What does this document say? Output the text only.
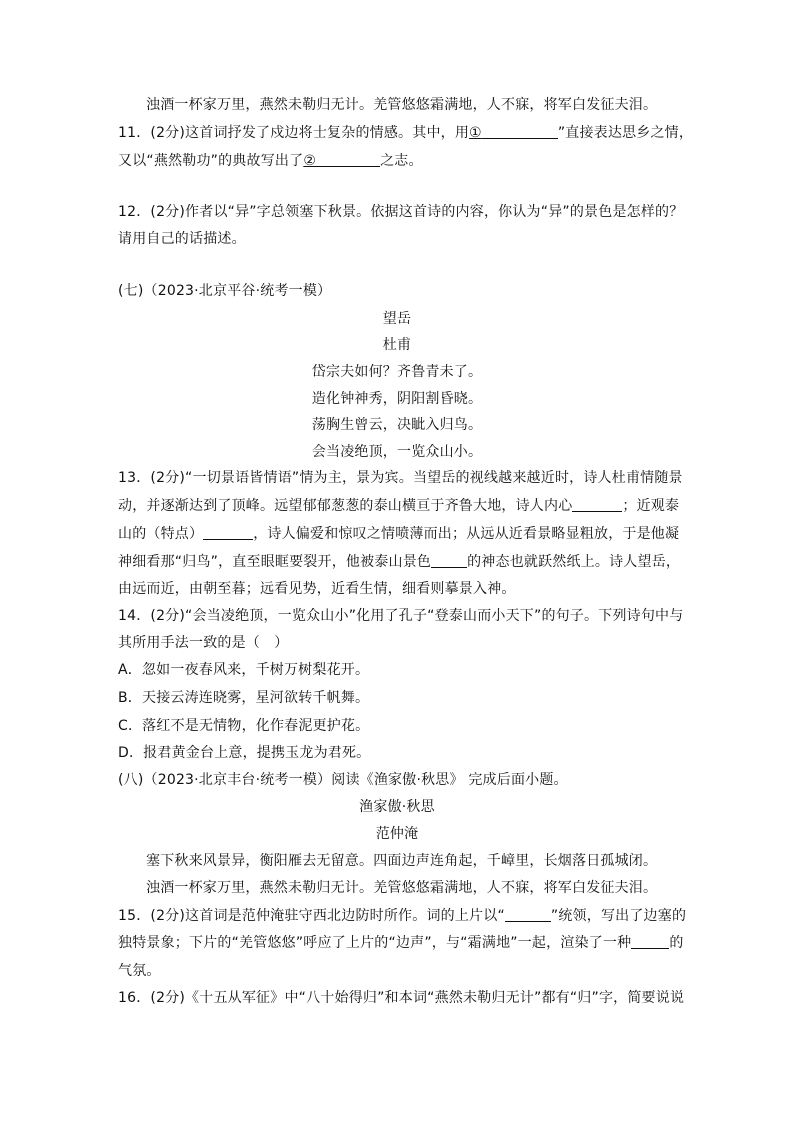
浊酒一杯家万里，燕然未勒归无计。羌管悠悠霜满地，人不寐，将军白发征夫泪。
11．(2分)这首词抒发了戍边将士复杂的情感。其中，用①	”直接表达思乡之情，
又以“燕然勒功”的典故写出了②	之志。
12．(2分)作者以“异”字总领塞下秋景。依据这首诗的内容，你认为“异”的景色是怎样的？
请用自己的话描述。
(七)（2023·北京平谷·统考一模）
望岳
杜甫
岱宗夫如何？齐鲁青未了。
造化钟神秀，阴阳割昏晓。
荡胸生曾云，决眦入归鸟。
会当凌绝顶，一览众山小。
13．(2分)“一切景语皆情语”情为主，景为宾。当望岳的视线越来越近时，诗人杜甫情随景
动，并逐渐达到了顶峰。远望郁郁葱葱的泰山横亘于齐鲁大地，诗人内心	；近观泰
山的（特点）	，诗人偏爱和惊叹之情喷薄而出；从远从近看景略显粗放，于是他凝
神细看那“归鸟”，直至眼眶要裂开，他被泰山景色	的神态也就跃然纸上。诗人望岳，
由远而近，由朝至暮；远看见势，近看生情，细看则摹景入神。
14．(2分)“会当凌绝顶，一览众山小”化用了孔子“登泰山而小天下”的句子。下列诗句中与
其所用手法一致的是（　）
A．忽如一夜春风来，千树万树梨花开。
B．天接云涛连晓雾，星河欲转千帆舞。
C．落红不是无情物，化作春泥更护花。
D．报君黄金台上意，提携玉龙为君死。
(八)（2023·北京丰台·统考一模）阅读《渔家傲·秋思》 完成后面小题。
渔家傲·秋思
范仲淹
塞下秋来风景异，衡阳雁去无留意。四面边声连角起，千嶂里，长烟落日孤城闭。
浊酒一杯家万里，燕然未勒归无计。羌管悠悠霜满地，人不寐，将军白发征夫泪。
15．(2分)这首词是范仲淹驻守西北边防时所作。词的上片以“	”统领，写出了边塞的
独特景象；下片的“羌管悠悠”呼应了上片的“边声”，与“霜满地”一起，渲染了一种	的
气氛。
16．(2分)《十五从军征》中“八十始得归”和本词“燕然未勒归无计”都有“归”字，简要说说
